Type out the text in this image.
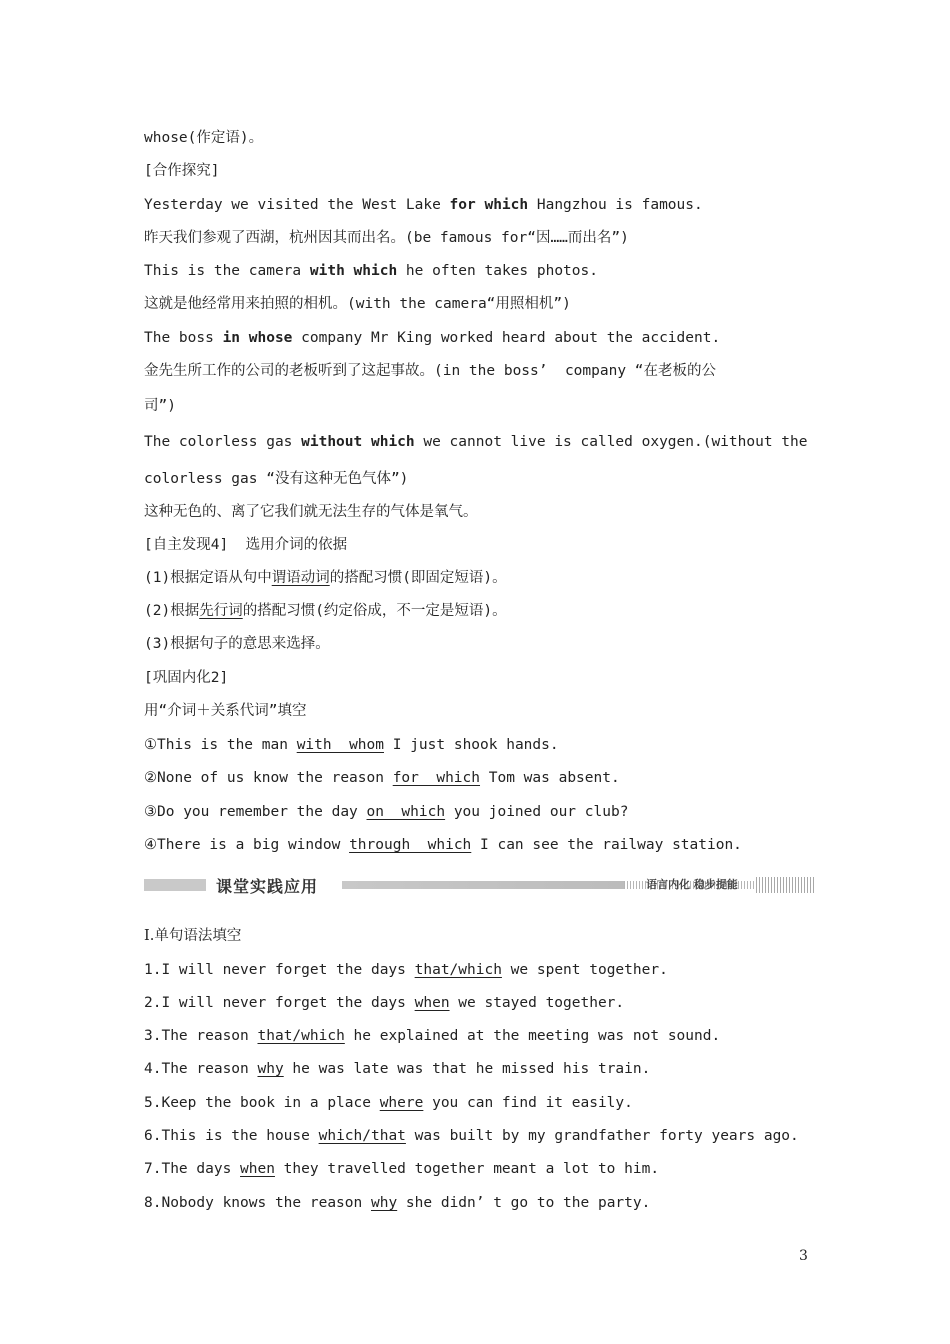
whose(作定语)。
[合作探究]
Yesterday we visited the West Lake for which Hangzhou is famous.
昨天我们参观了西湖，杭州因其而出名。(be famous for“因……而出名”)
This is the camera with which he often takes photos.
这就是他经常用来拍照的相机。(with the camera“用照相机”)
The boss in whose company Mr King worked heard about the accident.
金先生所工作的公司的老板听到了这起事故。(in the boss’  company “在老板的公
司”)
The colorless gas without which we cannot live is called oxygen.(without the
colorless gas “没有这种无色气体”)
这种无色的、离了它我们就无法生存的气体是氧气。
[自主发现4]  选用介词的依据
(1)根据定语从句中谓语动词的搭配习惯(即固定短语)。
(2)根据先行词的搭配习惯(约定俗成，不一定是短语)。
(3)根据句子的意思来选择。
[巩固内化2]
用“介词＋关系代词”填空
①This is the man with  whom I just shook hands.
②None of us know the reason for  which Tom was absent.
③Do you remember the day on  which you joined our club?
④There is a big window through  which I can see the railway station.
课堂实践应用	语言内化 稳步提能
Ⅰ.单句语法填空
1.I will never forget the days that/which we spent together.
2.I will never forget the days when we stayed together.
3.The reason that/which he explained at the meeting was not sound.
4.The reason why he was late was that he missed his train.
5.Keep the book in a place where you can find it easily.
6.This is the house which/that was built by my grandfather forty years ago.
7.The days when they travelled together meant a lot to him.
8.Nobody knows the reason why she didn’ t go to the party.
3
